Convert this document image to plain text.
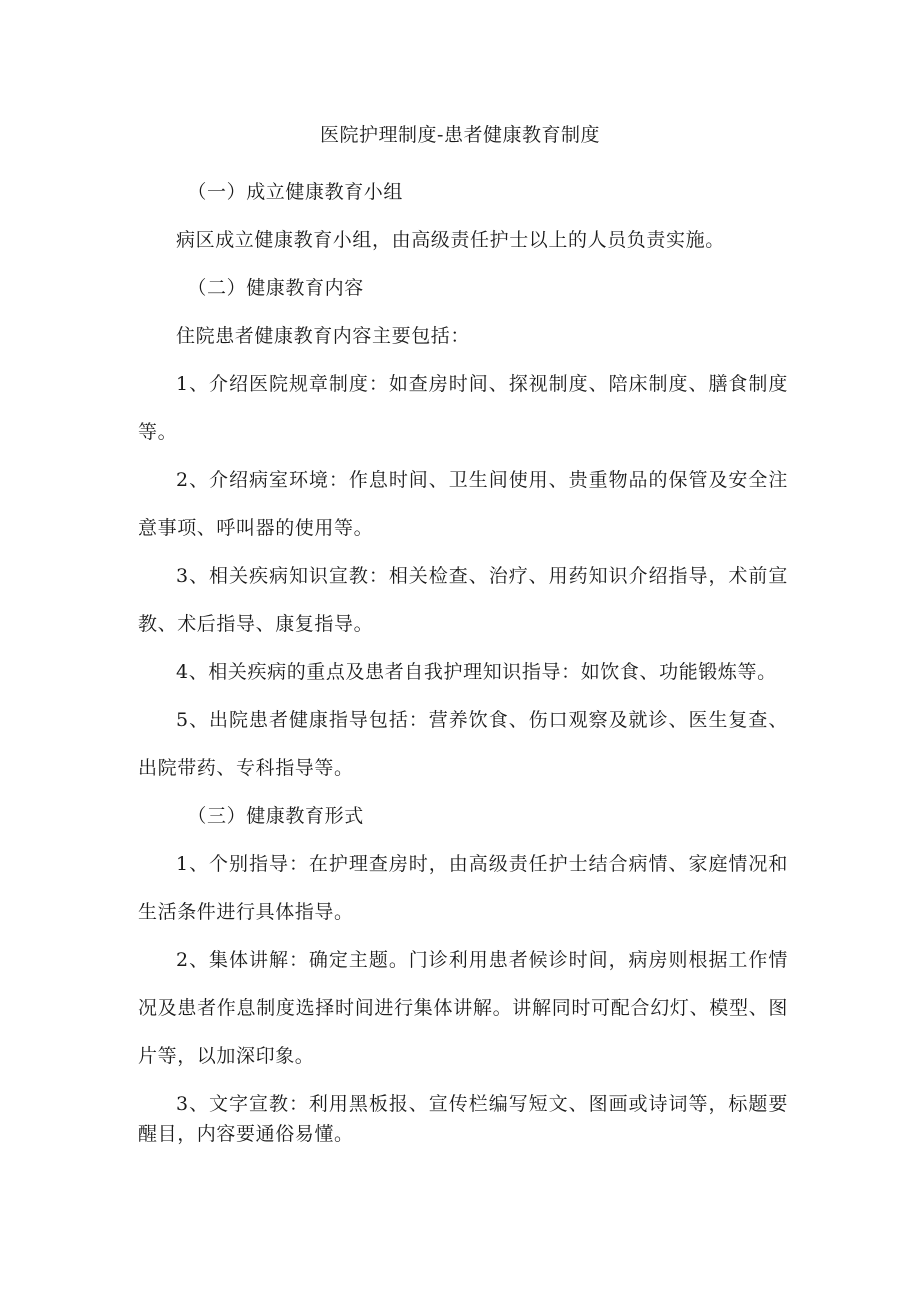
医院护理制度-患者健康教育制度

（一）成立健康教育小组

病区成立健康教育小组，由高级责任护士以上的人员负责实施。

（二）健康教育内容

住院患者健康教育内容主要包括：

1、介绍医院规章制度：如查房时间、探视制度、陪床制度、膳食制度等。

2、介绍病室环境：作息时间、卫生间使用、贵重物品的保管及安全注意事项、呼叫器的使用等。

3、相关疾病知识宣教：相关检查、治疗、用药知识介绍指导，术前宣教、术后指导、康复指导。

4、相关疾病的重点及患者自我护理知识指导：如饮食、功能锻炼等。

5、出院患者健康指导包括：营养饮食、伤口观察及就诊、医生复查、出院带药、专科指导等。

（三）健康教育形式

1、个别指导：在护理查房时，由高级责任护士结合病情、家庭情况和生活条件进行具体指导。

2、集体讲解：确定主题。门诊利用患者候诊时间，病房则根据工作情况及患者作息制度选择时间进行集体讲解。讲解同时可配合幻灯、模型、图片等，以加深印象。

3、文字宣教：利用黑板报、宣传栏编写短文、图画或诗词等，标题要醒目，内容要通俗易懂。
